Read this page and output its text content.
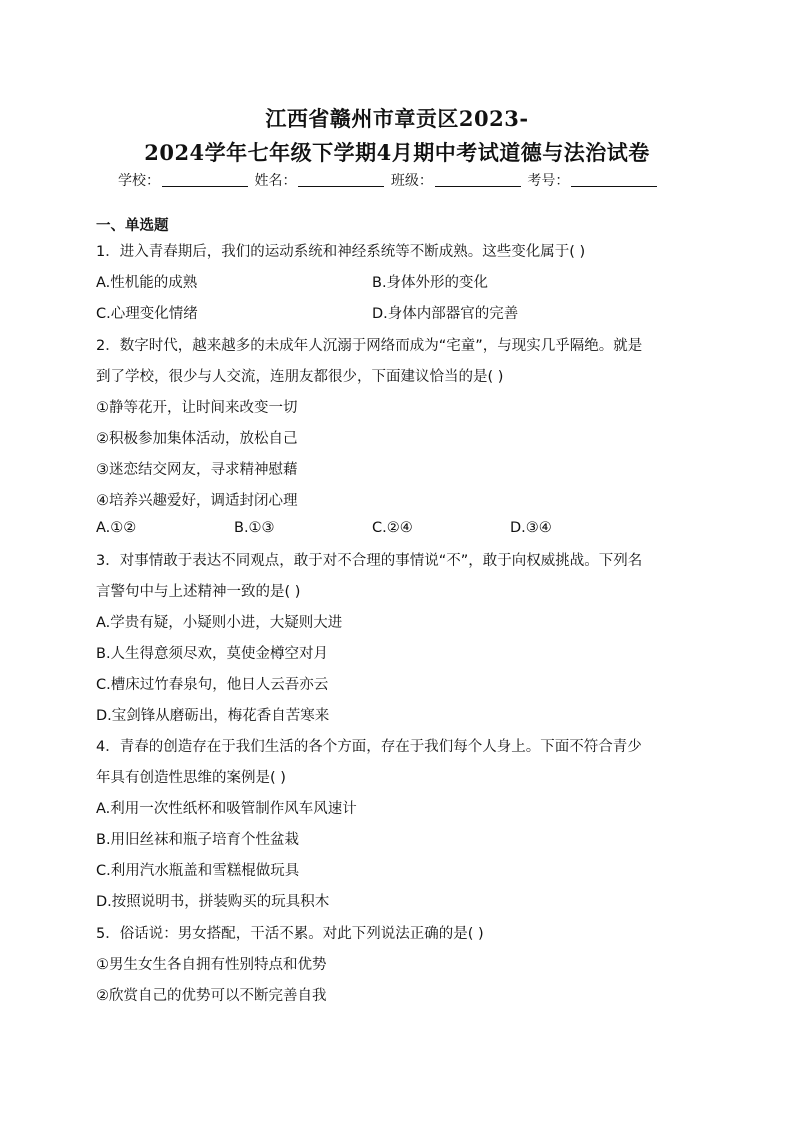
江西省赣州市章贡区2023-
2024学年七年级下学期4月期中考试道德与法治试卷
学校：	姓名：	班级：	考号：
一、单选题
1．进入青春期后，我们的运动系统和神经系统等不断成熟。这些变化属于( )
A.性机能的成熟	B.身体外形的变化
C.心理变化情绪	D.身体内部器官的完善
2．数字时代，越来越多的未成年人沉溺于网络而成为“宅童”，与现实几乎隔绝。就是
到了学校，很少与人交流，连朋友都很少，下面建议恰当的是( )
①静等花开，让时间来改变一切
②积极参加集体活动，放松自己
③迷恋结交网友，寻求精神慰藉
④培养兴趣爱好，调适封闭心理
A.①②	B.①③	C.②④	D.③④
3．对事情敢于表达不同观点，敢于对不合理的事情说“不”，敢于向权威挑战。下列名
言警句中与上述精神一致的是( )
A.学贵有疑，小疑则小进，大疑则大进
B.人生得意须尽欢，莫使金樽空对月
C.槽床过竹春泉句，他日人云吾亦云
D.宝剑锋从磨砺出，梅花香自苦寒来
4．青春的创造存在于我们生活的各个方面，存在于我们每个人身上。下面不符合青少
年具有创造性思维的案例是( )
A.利用一次性纸杯和吸管制作风车风速计
B.用旧丝袜和瓶子培育个性盆栽
C.利用汽水瓶盖和雪糕棍做玩具
D.按照说明书，拼装购买的玩具积木
5．俗话说：男女搭配，干活不累。对此下列说法正确的是( )
①男生女生各自拥有性别特点和优势
②欣赏自己的优势可以不断完善自我
